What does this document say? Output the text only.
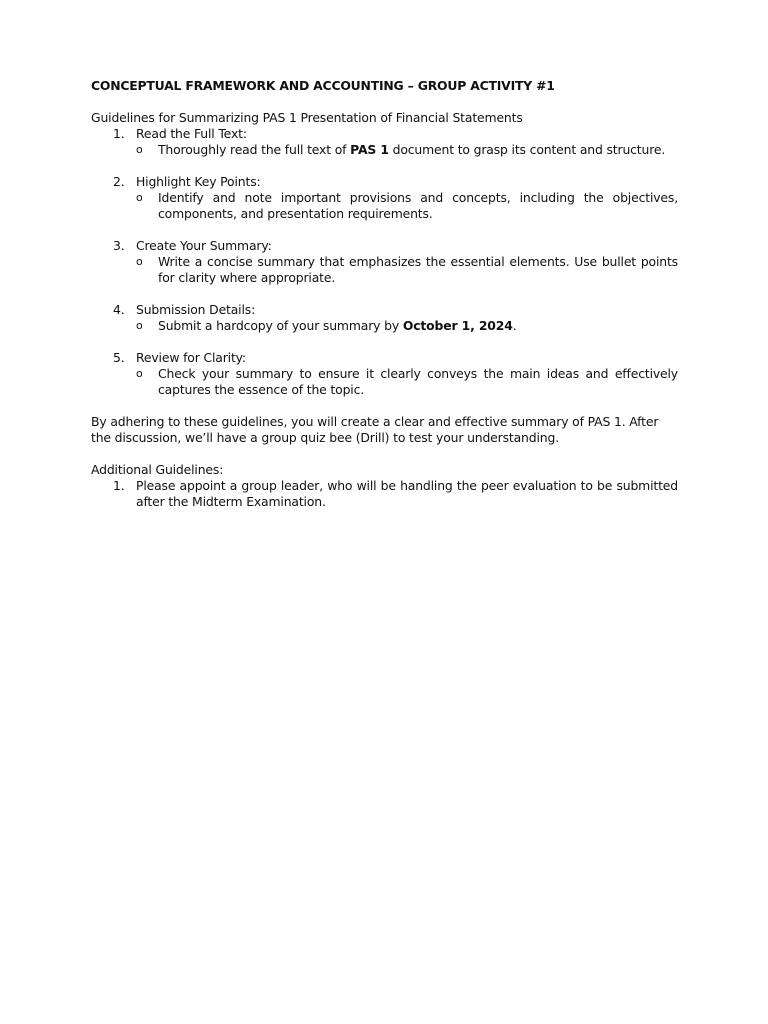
CONCEPTUAL FRAMEWORK AND ACCOUNTING – GROUP ACTIVITY #1

Guidelines for Summarizing PAS 1 Presentation of Financial Statements

1. Read the Full Text:
o Thoroughly read the full text of PAS 1 document to grasp its content and structure.
2. Highlight Key Points:
o Identify and note important provisions and concepts, including the objectives, components, and presentation requirements.
3. Create Your Summary:
o Write a concise summary that emphasizes the essential elements. Use bullet points for clarity where appropriate.
4. Submission Details:
o Submit a hardcopy of your summary by October 1, 2024.
5. Review for Clarity:
o Check your summary to ensure it clearly conveys the main ideas and effectively captures the essence of the topic.

By adhering to these guidelines, you will create a clear and effective summary of PAS 1. After the discussion, we’ll have a group quiz bee (Drill) to test your understanding.

Additional Guidelines:

1. Please appoint a group leader, who will be handling the peer evaluation to be submitted after the Midterm Examination.
